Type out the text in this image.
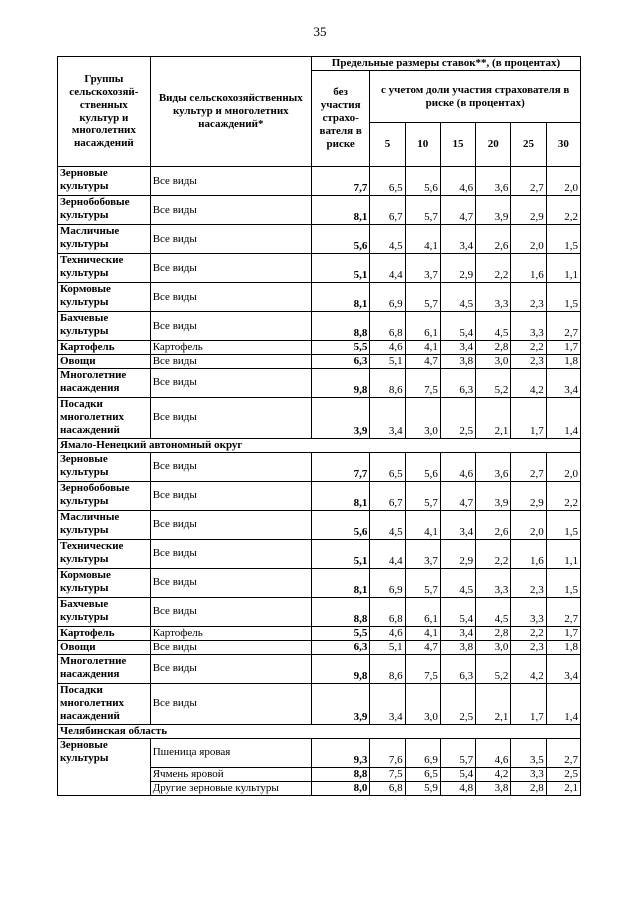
35
Группы сельскохозяй-ственных культур и многолетних насаждений	Виды сельскохозяйственных культур и многолетних насаждений*	Предельные размеры ставок**, (в процентах)						
		без участия страхо-вателя в риске	с учетом доли участия страхователя в риске (в процентах)					
			5	10	15	20	25	30
Зерновые культуры	Все виды	7,7	6,5	5,6	4,6	3,6	2,7	2,0
Зернобобовые культуры	Все виды	8,1	6,7	5,7	4,7	3,9	2,9	2,2
Масличные культуры	Все виды	5,6	4,5	4,1	3,4	2,6	2,0	1,5
Технические культуры	Все виды	5,1	4,4	3,7	2,9	2,2	1,6	1,1
Кормовые культуры	Все виды	8,1	6,9	5,7	4,5	3,3	2,3	1,5
Бахчевые культуры	Все виды	8,8	6,8	6,1	5,4	4,5	3,3	2,7
Картофель	Картофель	5,5	4,6	4,1	3,4	2,8	2,2	1,7
Овощи	Все виды	6,3	5,1	4,7	3,8	3,0	2,3	1,8
Многолетние насаждения	Все виды	9,8	8,6	7,5	6,3	5,2	4,2	3,4
Посадки многолетних насаждений	Все виды	3,9	3,4	3,0	2,5	2,1	1,7	1,4
Ямало-Ненецкий автономный округ								
Зерновые культуры	Все виды	7,7	6,5	5,6	4,6	3,6	2,7	2,0
Зернобобовые культуры	Все виды	8,1	6,7	5,7	4,7	3,9	2,9	2,2
Масличные культуры	Все виды	5,6	4,5	4,1	3,4	2,6	2,0	1,5
Технические культуры	Все виды	5,1	4,4	3,7	2,9	2,2	1,6	1,1
Кормовые культуры	Все виды	8,1	6,9	5,7	4,5	3,3	2,3	1,5
Бахчевые культуры	Все виды	8,8	6,8	6,1	5,4	4,5	3,3	2,7
Картофель	Картофель	5,5	4,6	4,1	3,4	2,8	2,2	1,7
Овощи	Все виды	6,3	5,1	4,7	3,8	3,0	2,3	1,8
Многолетние насаждения	Все виды	9,8	8,6	7,5	6,3	5,2	4,2	3,4
Посадки многолетних насаждений	Все виды	3,9	3,4	3,0	2,5	2,1	1,7	1,4
Челябинская область								
Зерновые культуры	Пшеница яровая	9,3	7,6	6,9	5,7	4,6	3,5	2,7
	Ячмень яровой	8,8	7,5	6,5	5,4	4,2	3,3	2,5
	Другие зерновые культуры	8,0	6,8	5,9	4,8	3,8	2,8	2,1
